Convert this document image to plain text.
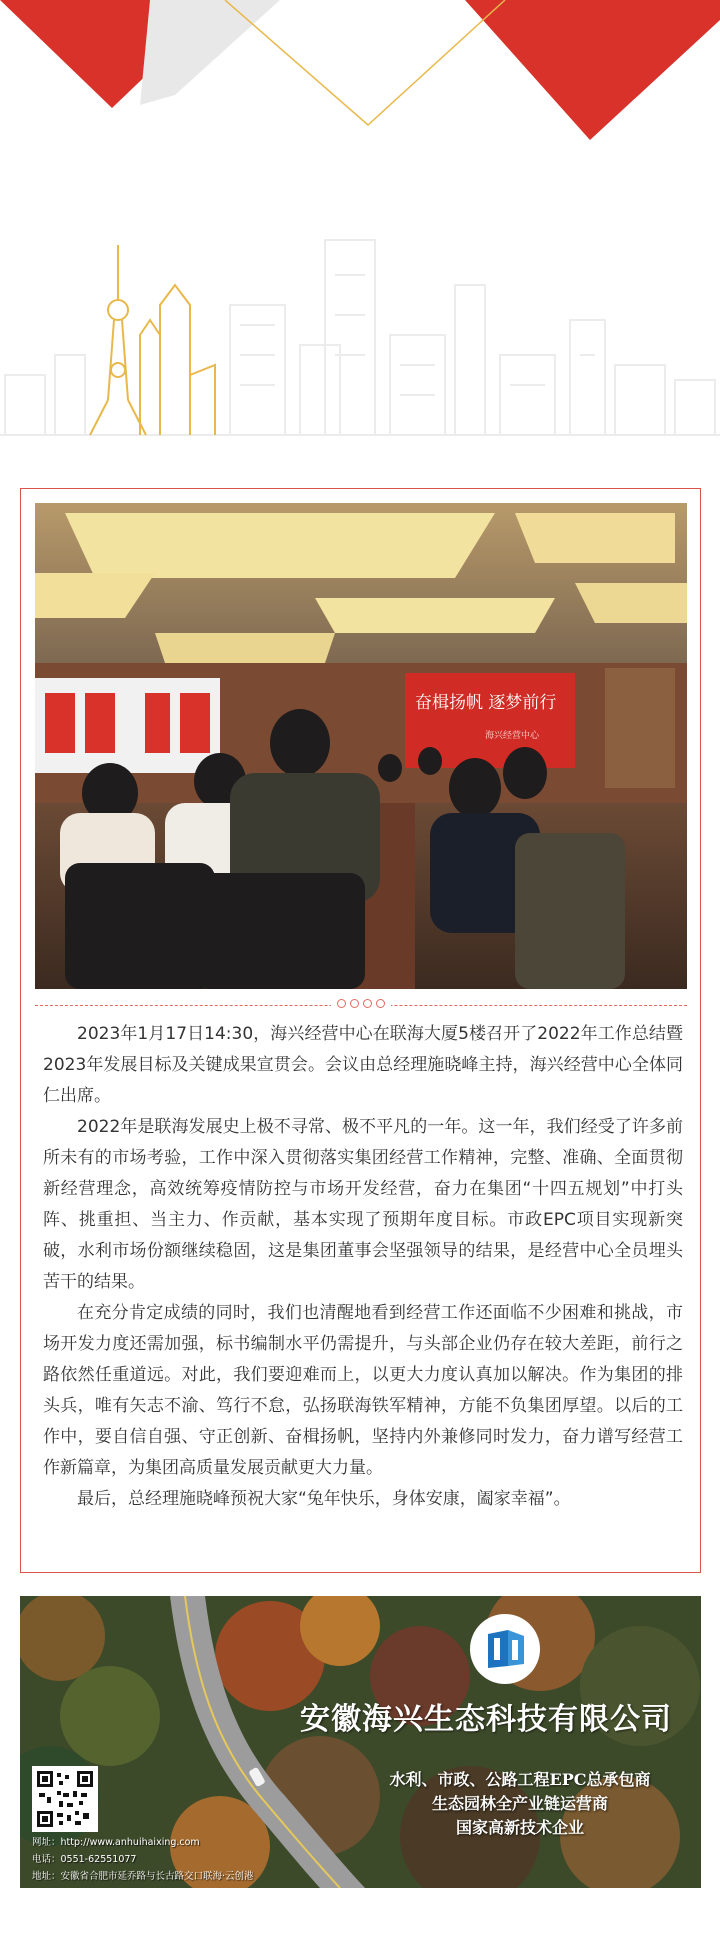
奋楫扬帆 逐梦前行
海兴经营中心

2023年1月17日14:30，海兴经营中心在联海大厦5楼召开了2022年工作总结暨2023年发展目标及关键成果宣贯会。会议由总经理施晓峰主持，海兴经营中心全体同仁出席。

2022年是联海发展史上极不寻常、极不平凡的一年。这一年，我们经受了许多前所未有的市场考验，工作中深入贯彻落实集团经营工作精神，完整、准确、全面贯彻新经营理念，高效统筹疫情防控与市场开发经营，奋力在集团“十四五规划”中打头阵、挑重担、当主力、作贡献，基本实现了预期年度目标。市政EPC项目实现新突破，水利市场份额继续稳固，这是集团董事会坚强领导的结果，是经营中心全员埋头苦干的结果。

在充分肯定成绩的同时，我们也清醒地看到经营工作还面临不少困难和挑战，市场开发力度还需加强，标书编制水平仍需提升，与头部企业仍存在较大差距，前行之路依然任重道远。对此，我们要迎难而上，以更大力度认真加以解决。作为集团的排头兵，唯有矢志不渝、笃行不怠，弘扬联海铁军精神，方能不负集团厚望。以后的工作中，要自信自强、守正创新、奋楫扬帆，坚持内外兼修同时发力，奋力谱写经营工作新篇章，为集团高质量发展贡献更大力量。

最后，总经理施晓峰预祝大家“兔年快乐，身体安康，阖家幸福”。

安徽海兴生态科技有限公司
水利、市政、公路工程EPC总承包商
生态园林全产业链运营商
国家高新技术企业
网址：http://www.anhuihaixing.com
电话：0551-62551077
地址：安徽省合肥市延乔路与长古路交口联海·云创港
